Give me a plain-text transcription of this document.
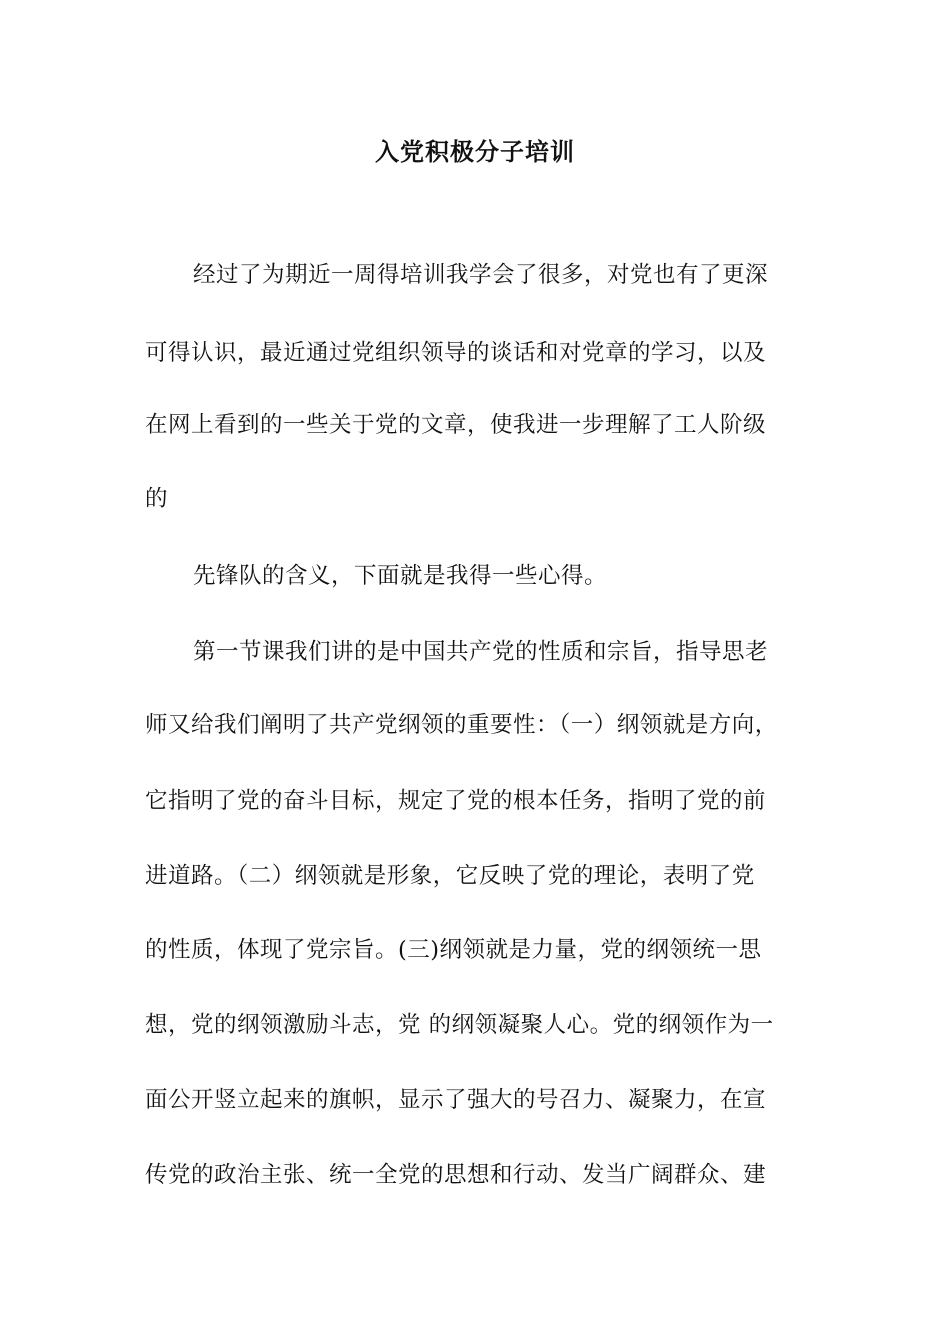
入党积极分子培训
经过了为期近一周得培训我学会了很多，对党也有了更深
可得认识，最近通过党组织领导的谈话和对党章的学习，以及
在网上看到的一些关于党的文章，使我进一步理解了工人阶级
的
先锋队的含义，下面就是我得一些心得。
第一节课我们讲的是中国共产党的性质和宗旨，指导思老
师又给我们阐明了共产党纲领的重要性：（一）纲领就是方向，
它指明了党的奋斗目标，规定了党的根本任务，指明了党的前
进道路。（二）纲领就是形象，它反映了党的理论，表明了党
的性质，体现了党宗旨。(三)纲领就是力量，党的纲领统一思
想，党的纲领激励斗志，党 的纲领凝聚人心。党的纲领作为一
面公开竖立起来的旗帜，显示了强大的号召力、凝聚力，在宣
传党的政治主张、统一全党的思想和行动、发当广阔群众、建
